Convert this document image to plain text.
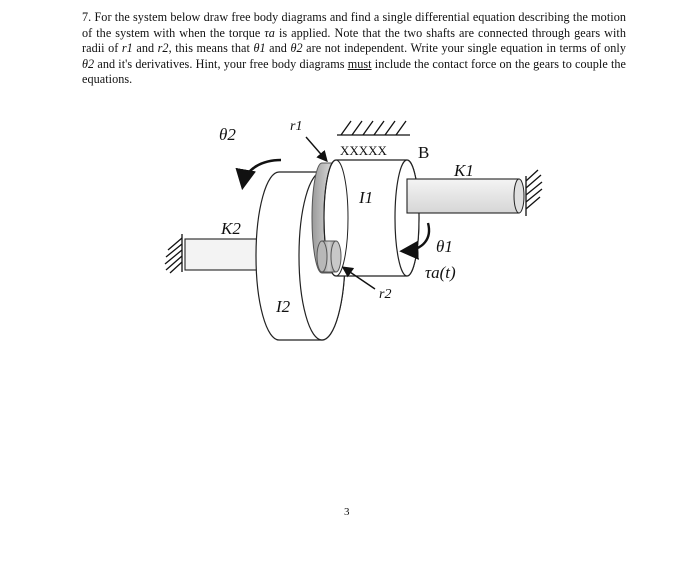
7. For the system below draw free body diagrams and find a single differential equation describing the motion of the system with when the torque τa is applied. Note that the two shafts are connected through gears with radii of r1 and r2, this means that θ1 and θ2 are not independent. Write your single equation in terms of only θ2 and it's derivatives. Hint, your free body diagrams must include the contact force on the gears to couple the equations.

θ2	r1
XXXXX B
K1
I1
K2
θ1
τa(t)
r2
I2
3
